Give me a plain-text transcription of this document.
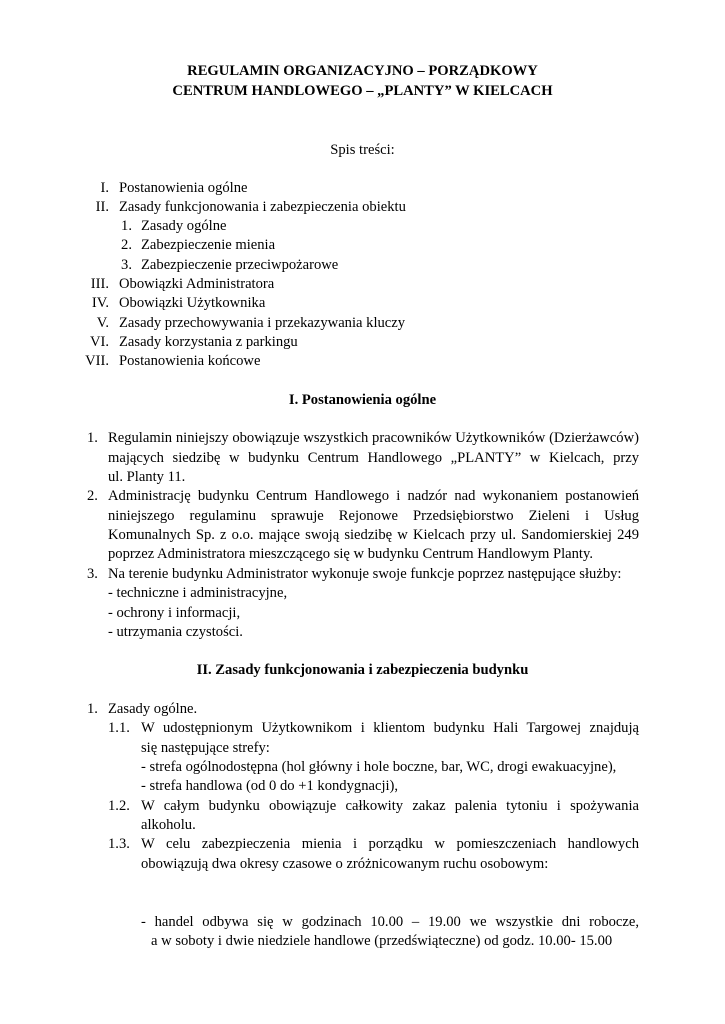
REGULAMIN ORGANIZACYJNO – PORZĄDKOWY
CENTRUM HANDLOWEGO – „PLANTY” W KIELCACH
Spis treści:
I. Postanowienia ogólne
II. Zasady funkcjonowania i zabezpieczenia obiektu
1. Zasady ogólne
2. Zabezpieczenie mienia
3. Zabezpieczenie przeciwpożarowe
III. Obowiązki Administratora
IV. Obowiązki Użytkownika
V. Zasady przechowywania i przekazywania kluczy
VI. Zasady korzystania z parkingu
VII. Postanowienia końcowe
I. Postanowienia ogólne
1. Regulamin niniejszy obowiązuje wszystkich pracowników Użytkowników (Dzierżawców)
mających siedzibę w budynku Centrum Handlowego „PLANTY” w Kielcach, przy
ul. Planty 11.
2. Administrację budynku Centrum Handlowego i nadzór nad wykonaniem postanowień
niniejszego regulaminu sprawuje Rejonowe Przedsiębiorstwo Zieleni i Usług
Komunalnych Sp. z o.o. mające swoją siedzibę w Kielcach przy ul. Sandomierskiej 249
poprzez Administratora mieszczącego się w budynku Centrum Handlowym Planty.
3. Na terenie budynku Administrator wykonuje swoje funkcje poprzez następujące służby:
- techniczne i administracyjne,
- ochrony i informacji,
- utrzymania czystości.
II. Zasady funkcjonowania i zabezpieczenia budynku
1. Zasady ogólne.
1.1. W udostępnionym Użytkownikom i klientom budynku Hali Targowej znajdują
się następujące strefy:
- strefa ogólnodostępna (hol główny i hole boczne, bar, WC, drogi ewakuacyjne),
- strefa handlowa (od 0 do +1 kondygnacji),
1.2. W całym budynku obowiązuje całkowity zakaz palenia tytoniu i spożywania
alkoholu.
1.3. W celu zabezpieczenia mienia i porządku w pomieszczeniach handlowych
obowiązują dwa okresy czasowe o zróżnicowanym ruchu osobowym:
- handel odbywa się w godzinach 10.00 – 19.00 we wszystkie dni robocze,
a w soboty i dwie niedziele handlowe (przedświąteczne) od godz. 10.00- 15.00
